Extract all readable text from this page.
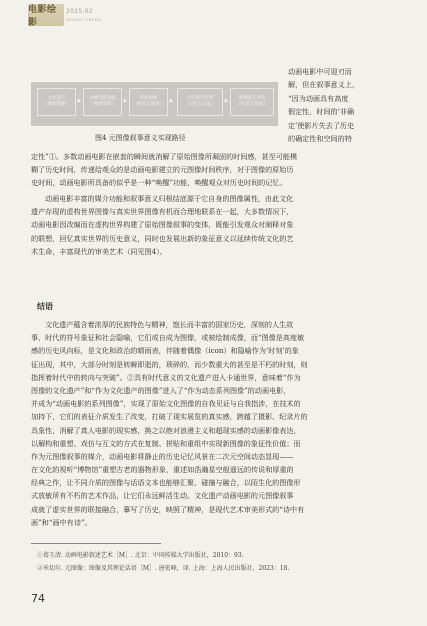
电影绘影
2025.02
WORLD CINEMA
文化遗产
（原始图像）
▶	动画电影改编
（图像变体）
▶	转换图像
（视觉与叙事）
▶	历史时空实现
（记忆与反思）
▶	影像意义价值
（传承与发展）
图4 元图像叙事意义实现路径
动画电影中可迎刃而
解，但在叙事意义上，
“因为动画具有高度
假定性，时间的‘非确
定’使影片失去了历史
的确定性和空间的特
定性”①。多数动画电影在嵌套的瞬间就消解了原始图像所凝固的时间感，甚至可能模
糊了历史时间，传递给观众的是动画电影建立的元图像时间秩序，对于图像的原始历
史时间，动画电影所具备的似乎是一种“唤醒”功能，唤醒观众对历史时间的记忆。
动画电影丰富的媒介功能和叙事意义归根结底源于它自身的图像属性，由此文化
遗产存现的虚构世界图像与真实世界图像有机而合理地联系在一起，大多数情况下，
动画电影因改编而在虚构世界构建了原始图像叙事的变体，既能引发观众对阐释对象
的联想，回忆真实世界的历史意义，同时也发展出新的象征意义以延续传统文化的艺
术生命，丰富现代的审美艺术（同见图4）。
结语
文化遗产蕴含着浓厚的民族特色与精神，饱长而丰富的国家历史，深刻的人生故
事，时代的符号象征和社会隐喻，它们或自成为图像，或被绘制成像，而“图像是高度敏
感的历史风向标，是文化和政治的晴雨表，伴随着偶像（icon）和隐喻作为‘时刻’的象
征出现，其中，大部分时刻是转瞬即逝的，琐碎的，而少数重大的甚至是不朽的时刻，则
指挥着时代中的转向与突破”。②具有时代意义的文化遗产进入卡通世界，意味着“作为
图像的文化遗产”和“作为文化遗产的图像”进入了“作为动态系列图像”的动画电影，
并成为“动画电影的系列图像”，实现了原始文化图像的自我见证与自我指涉，在技术的
加持下，它们的表征介质发生了改变，打破了现实展览的真实感，跨越了摄影、纪录片的
具象性，消解了真人电影的现实感，换之以绝对浪漫主义和超现实感的动画影像表达，
以解构和重塑、戏仿与互文的方式在复制、拼贴和重组中实现新图像的象征性价值；而
作为元图像叙事的媒介，动画电影将静止的历史记忆风景在二次元空间动态显现——
在文化的视听“博物馆”重塑古老的器物形象，重述如浩瀚星空般遥远的传说和厚重的
经典之作，让不同介质的图像与话语文本也能够汇聚、碰撞与融合，以陌生化的图像形
式放敏所有不朽的艺术作品，让它们永远鲜活生动。文化遗产动画电影的元图像叙事
成就了虚实世界的联接融合，摹写了历史，映照了精神，是现代艺术审美形式的“诗中有
画”和“画中有诗”。
①葛玉清. 动画电影叙述艺术［M］. 北京：中国传媒大学出版社，2010：93.
②米切尔. 元图像：图像及其理论话语［M］. 唐宏峰，译. 上海：上海人民出版社，2023：18.
74
